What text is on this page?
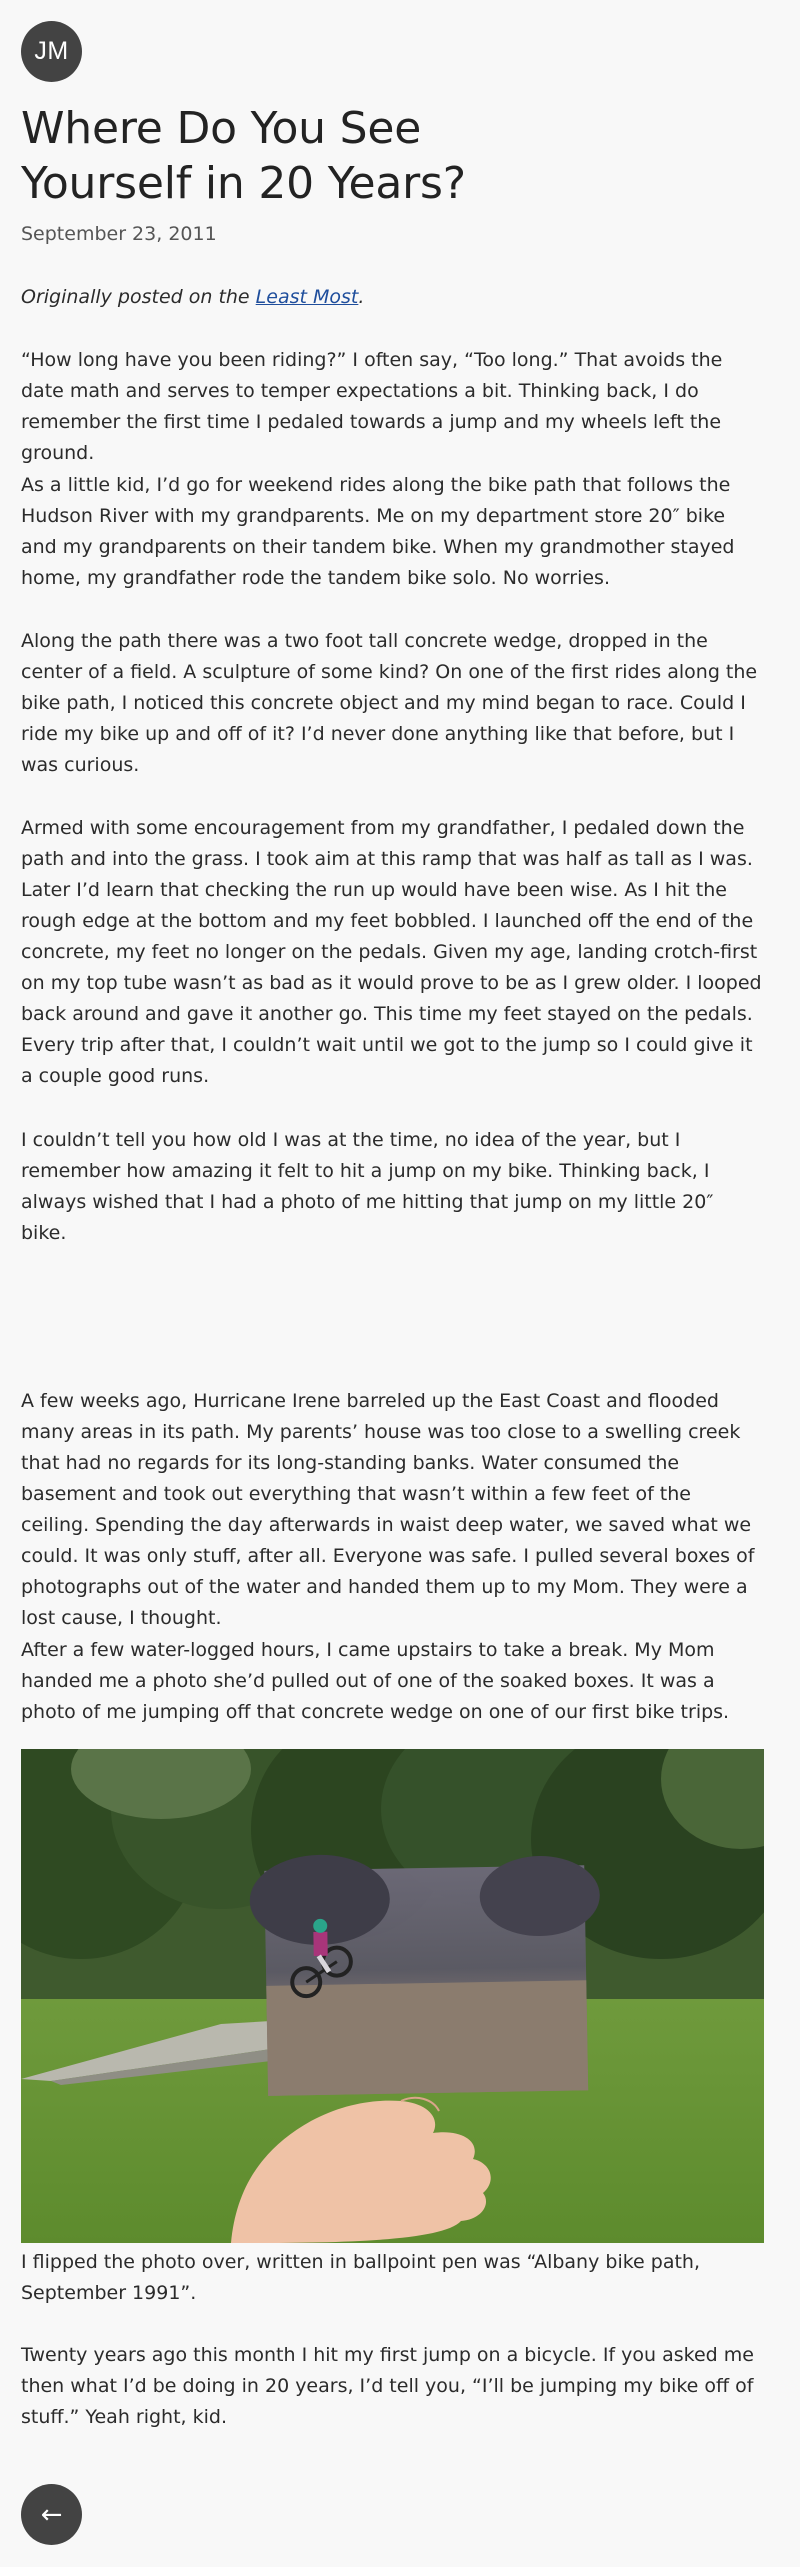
JM
Where Do You See Yourself in 20 Years?
September 23, 2011

Originally posted on the Least Most.

“How long have you been riding?” I often say, “Too long.” That avoids the date math and serves to temper expectations a bit. Thinking back, I do remember the first time I pedaled towards a jump and my wheels left the ground.

As a little kid, I’d go for weekend rides along the bike path that follows the Hudson River with my grandparents. Me on my department store 20″ bike and my grandparents on their tandem bike. When my grandmother stayed home, my grandfather rode the tandem bike solo. No worries.

Along the path there was a two foot tall concrete wedge, dropped in the center of a field. A sculpture of some kind? On one of the first rides along the bike path, I noticed this concrete object and my mind began to race. Could I ride my bike up and off of it? I’d never done anything like that before, but I was curious.

Armed with some encouragement from my grandfather, I pedaled down the path and into the grass. I took aim at this ramp that was half as tall as I was. Later I’d learn that checking the run up would have been wise. As I hit the rough edge at the bottom and my feet bobbled. I launched off the end of the concrete, my feet no longer on the pedals. Given my age, landing crotch-first on my top tube wasn’t as bad as it would prove to be as I grew older. I looped back around and gave it another go. This time my feet stayed on the pedals. Every trip after that, I couldn’t wait until we got to the jump so I could give it a couple good runs.

I couldn’t tell you how old I was at the time, no idea of the year, but I remember how amazing it felt to hit a jump on my bike. Thinking back, I always wished that I had a photo of me hitting that jump on my little 20″ bike.

A few weeks ago, Hurricane Irene barreled up the East Coast and flooded many areas in its path. My parents’ house was too close to a swelling creek that had no regards for its long-standing banks. Water consumed the basement and took out everything that wasn’t within a few feet of the ceiling. Spending the day afterwards in waist deep water, we saved what we could. It was only stuff, after all. Everyone was safe. I pulled several boxes of photographs out of the water and handed them up to my Mom. They were a lost cause, I thought.

After a few water-logged hours, I came upstairs to take a break. My Mom handed me a photo she’d pulled out of one of the soaked boxes. It was a photo of me jumping off that concrete wedge on one of our first bike trips.

I flipped the photo over, written in ballpoint pen was “Albany bike path, September 1991”.

Twenty years ago this month I hit my first jump on a bicycle. If you asked me then what I’d be doing in 20 years, I’d tell you, “I’ll be jumping my bike off of stuff.” Yeah right, kid.

←
